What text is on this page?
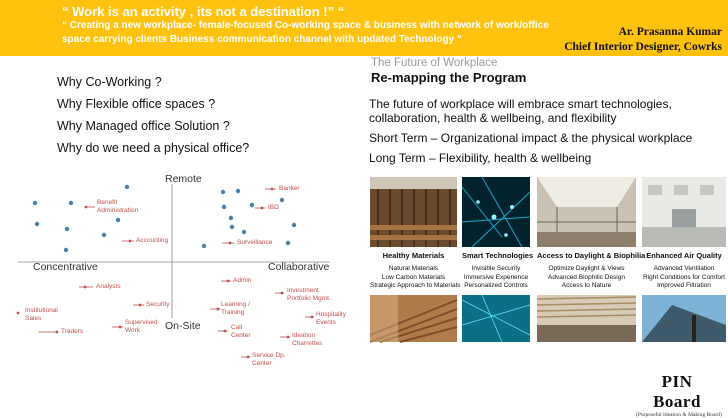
“ Work is an activity , its not a destination !” “
“ Creating a new workplace- female-focused Co-working space & business with network of work/office space carrying clients Business communication channel with updated Technology “
Ar. Prasanna Kumar
Chief Interior Designer, Cowrks
Why Co-Working ?
Why Flexible office spaces ?
Why Managed office Solution ?
Why do we need a physical office?
Remote
On-Site
Concentrative	Collaborative
Benefit
Administration
Accounting
Banker
IBD
Surveillance
Analysts
Security
Institutional
Sales
Supervised
Work
Traders
Admin
Investment
Portfolio Mgmt.
Learning /
Training	Hospitality
Events
Call
Center	Ideation
Charrettes
Service Dp.
Center
The Future of Workplace
Re-mapping the Program
The future of workplace will embrace smart technologies, collaboration, health & wellbeing, and flexibility
Short Term – Organizational impact & the physical workplace
Long Term – Flexibility, health & wellbeing
Healthy Materials
Natural Materials
Low Carbon Materials
Strategic Approach to Materials
Smart Technologies
Invisible Security
Immersive Experience
Personalized Controls
Access to Daylight & Biophilia
Optimize Daylight & Views
Advanced Biophilic Design
Access to Nature
Enhanced Air Quality
Advanced Ventilation
Right Conditions for Comfort
Improved Filtration
PIN Board
(Purposeful Ideation & Making Board)
